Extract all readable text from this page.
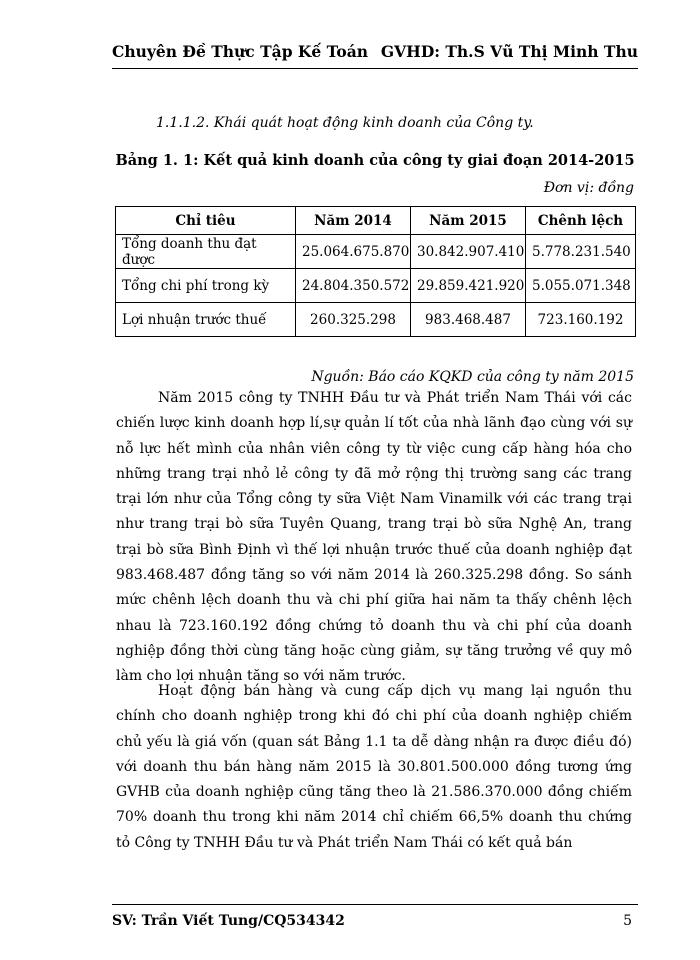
Chuyên Đề Thực Tập Kế Toán GVHD: Th.S Vũ Thị Minh Thu
1.1.1.2. Khái quát hoạt động kinh doanh của Công ty.
Bảng 1. 1: Kết quả kinh doanh của công ty giai đoạn 2014-2015
Đơn vị: đồng
Chỉ tiêu	Năm 2014	Năm 2015	Chênh lệch
Tổng doanh thu đạt được	25.064.675.870	30.842.907.410	5.778.231.540
Tổng chi phí trong kỳ	24.804.350.572	29.859.421.920	5.055.071.348
Lợi nhuận trước thuế	260.325.298	983.468.487	723.160.192
Nguồn: Báo cáo KQKD của công ty năm 2015

Năm 2015 công ty TNHH Đầu tư và Phát triển Nam Thái với các chiến lược kinh doanh hợp lí,sự quản lí tốt của nhà lãnh đạo cùng với sự nỗ lực hết mình của nhân viên công ty từ việc cung cấp hàng hóa cho những trang trại nhỏ lẻ công ty đã mở rộng thị trường sang các trang trại lớn như của Tổng công ty sữa Việt Nam Vinamilk với các trang trại như trang trại bò sữa Tuyên Quang, trang trại bò sữa Nghệ An, trang trại bò sữa Bình Định vì thế lợi nhuận trước thuế của doanh nghiệp đạt 983.468.487 đồng tăng so với năm 2014 là 260.325.298 đồng. So sánh mức chênh lệch doanh thu và chi phí giữa hai năm ta thấy chênh lệch nhau là 723.160.192 đồng chứng tỏ doanh thu và chi phí của doanh nghiệp đồng thời cùng tăng hoặc cùng giảm, sự tăng trưởng về quy mô làm cho lợi nhuận tăng so với năm trước.

Hoạt động bán hàng và cung cấp dịch vụ mang lại nguồn thu chính cho doanh nghiệp trong khi đó chi phí của doanh nghiệp chiếm chủ yếu là giá vốn (quan sát Bảng 1.1 ta dễ dàng nhận ra được điều đó) với doanh thu bán hàng năm 2015 là 30.801.500.000 đồng tương ứng GVHB của doanh nghiệp cũng tăng theo là 21.586.370.000 đồng chiếm 70% doanh thu trong khi năm 2014 chỉ chiếm 66,5% doanh thu chứng tỏ Công ty TNHH Đầu tư và Phát triển Nam Thái có kết quả bán

SV: Trần Viết Tung/CQ534342	5
